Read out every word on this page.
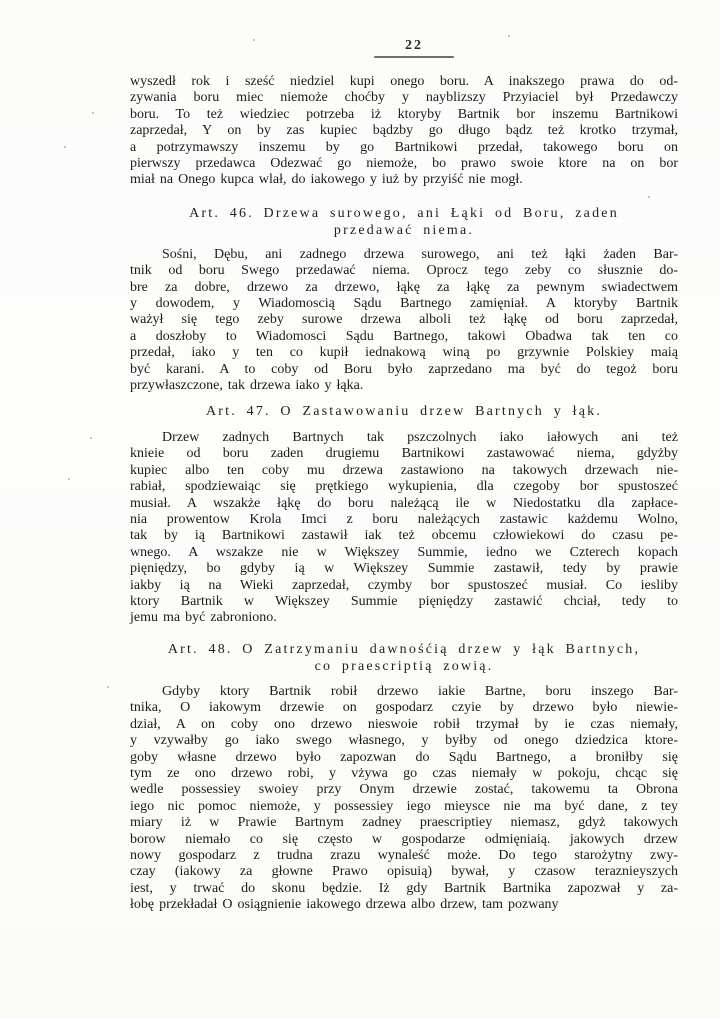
22
wyszedł rok i sześć niedziel kupi onego boru. A inakszego prawa do od-
zywania boru miec niemoże choćby y nayblizszy Przyiaciel był Przedawczy
boru. To też wiedziec potrzeba iż ktoryby Bartnik bor inszemu Bartnikowi
zaprzedał, Y on by zas kupiec bądzby go długo bądz też krotko trzymał,
a potrzymawszy inszemu by go Bartnikowi przedał, takowego boru on
pierwszy przedawca Odezwać go niemoże, bo prawo swoie ktore na on bor
miał na Onego kupca wlał, do iakowego y iuż by przyiść nie mogł.
Art. 46. Drzewa surowego, ani Łąki od Boru, zaden
przedawać niema.
Sośni, Dębu, ani zadnego drzewa surowego, ani też łąki żaden Bar-
tnik od boru Swego przedawać niema. Oprocz tego zeby co słusznie do-
bre za dobre, drzewo za drzewo, łąkę za łąkę za pewnym swiadectwem
y dowodem, y Wiadomoscią Sądu Bartnego zamięniał. A ktoryby Bartnik
ważył się tego zeby surowe drzewa alboli też łąkę od boru zaprzedał,
a doszłoby to Wiadomosci Sądu Bartnego, takowi Obadwa tak ten co
przedał, iako y ten co kupił iednakową winą po grzywnie Polskiey maią
być karani. A to coby od Boru było zaprzedano ma być do tegoż boru
przywłaszczone, tak drzewa iako y łąka.
Art. 47. O Zastawowaniu drzew Bartnych y łąk.
Drzew zadnych Bartnych tak pszczolnych iako iałowych ani też
knieie od boru zaden drugiemu Bartnikowi zastawować niema, gdyżby
kupiec albo ten coby mu drzewa zastawiono na takowych drzewach nie-
rabiał, spodziewaiąc się prętkiego wykupienia, dla czegoby bor spustoszeć
musiał. A wszakże łąkę do boru należącą ile w Niedostatku dla zapłace-
nia prowentow Krola Imci z boru należących zastawic każdemu Wolno,
tak by ią Bartnikowi zastawił iak też obcemu człowiekowi do czasu pe-
wnego. A wszakze nie w Większey Summie, iedno we Czterech kopach
pięniędzy, bo gdyby ią w Większey Summie zastawił, tedy by prawie
iakby ią na Wieki zaprzedał, czymby bor spustoszeć musiał. Co iesliby
ktory Bartnik w Większey Summie pięniędzy zastawić chciał, tedy to
jemu ma być zabroniono.
Art. 48. O Zatrzymaniu dawnośćią drzew y łąk Bartnych,
co praescriptią zowią.
Gdyby ktory Bartnik robił drzewo iakie Bartne, boru inszego Bar-
tnika, O iakowym drzewie on gospodarz czyie by drzewo było niewie-
dział, A on coby ono drzewo nieswoie robił trzymał by ie czas niemały,
y vzywałby go iako swego własnego, y byłby od onego dziedzica ktore-
goby własne drzewo było zapozwan do Sądu Bartnego, a broniłby się
tym ze ono drzewo robi, y vżywa go czas niemały w pokoju, chcąc się
wedle possessiey swoiey przy Onym drzewie zostać, takowemu ta Obrona
iego nic pomoc niemoże, y possessiey iego mieysce nie ma być dane, z tey
miary iż w Prawie Bartnym zadney praescriptiey niemasz, gdyż takowych
borow niemało co się często w gospodarze odmięniaią. jakowych drzew
nowy gospodarz z trudna zrazu wynaleść może. Do tego starożytny zwy-
czay (iakowy za głowne Prawo opisuią) bywał, y czasow teraznieyszych
iest, y trwać do skonu będzie. Iż gdy Bartnik Bartnika zapozwał y za-
łobę przekładał O osiągnienie iakowego drzewa albo drzew, tam pozwany
